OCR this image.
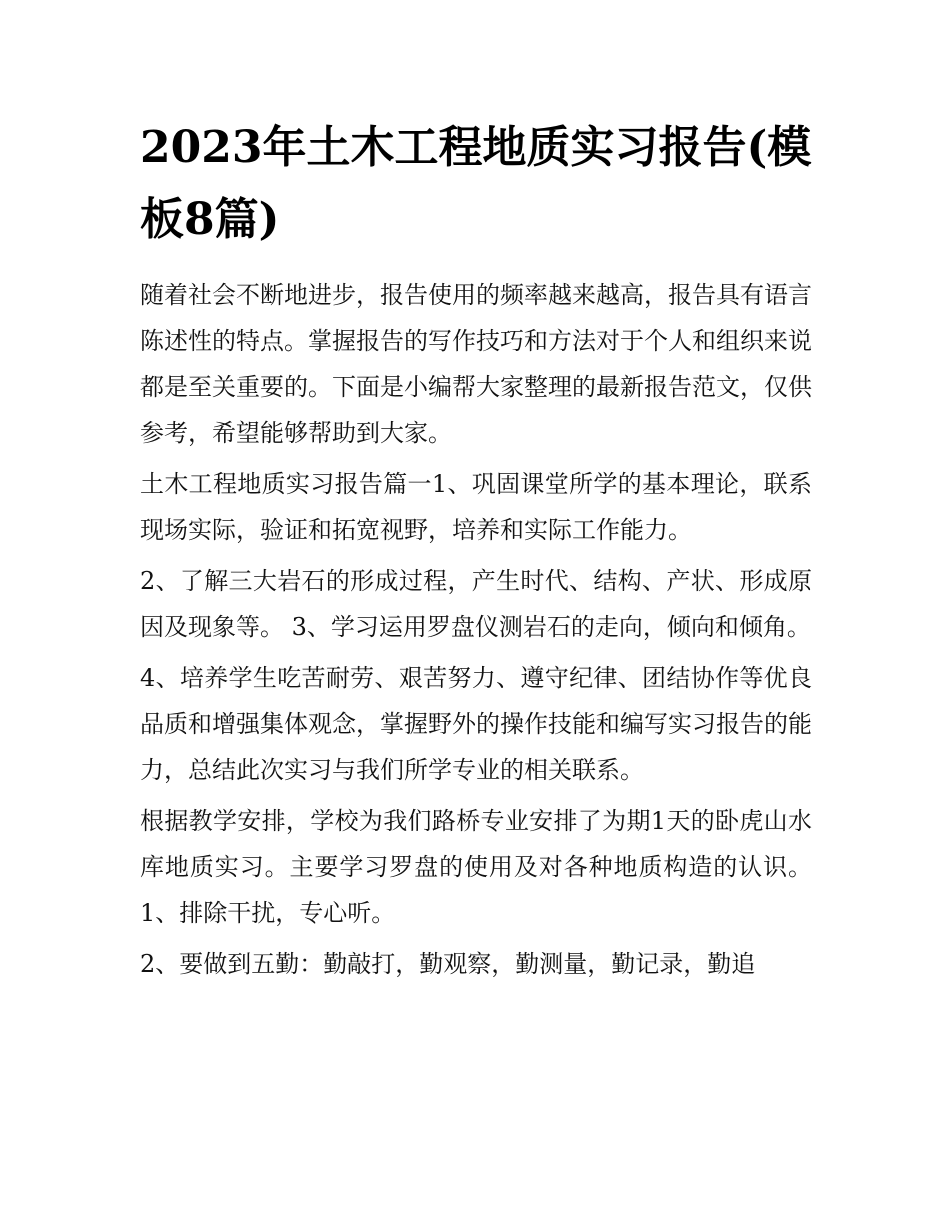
2023年土木工程地质实习报告(模板8篇)

随着社会不断地进步，报告使用的频率越来越高，报告具有语言陈述性的特点。掌握报告的写作技巧和方法对于个人和组织来说都是至关重要的。下面是小编帮大家整理的最新报告范文，仅供参考，希望能够帮助到大家。

土木工程地质实习报告篇一1、巩固课堂所学的基本理论，联系现场实际，验证和拓宽视野，培养和实际工作能力。

2、了解三大岩石的形成过程，产生时代、结构、产状、形成原因及现象等。 3、学习运用罗盘仪测岩石的走向，倾向和倾角。

4、培养学生吃苦耐劳、艰苦努力、遵守纪律、团结协作等优良品质和增强集体观念，掌握野外的操作技能和编写实习报告的能力，总结此次实习与我们所学专业的相关联系。

根据教学安排，学校为我们路桥专业安排了为期1天的卧虎山水库地质实习。主要学习罗盘的使用及对各种地质构造的认识。 1、排除干扰，专心听。

2、要做到五勤：勤敲打，勤观察，勤测量，勤记录，勤追
